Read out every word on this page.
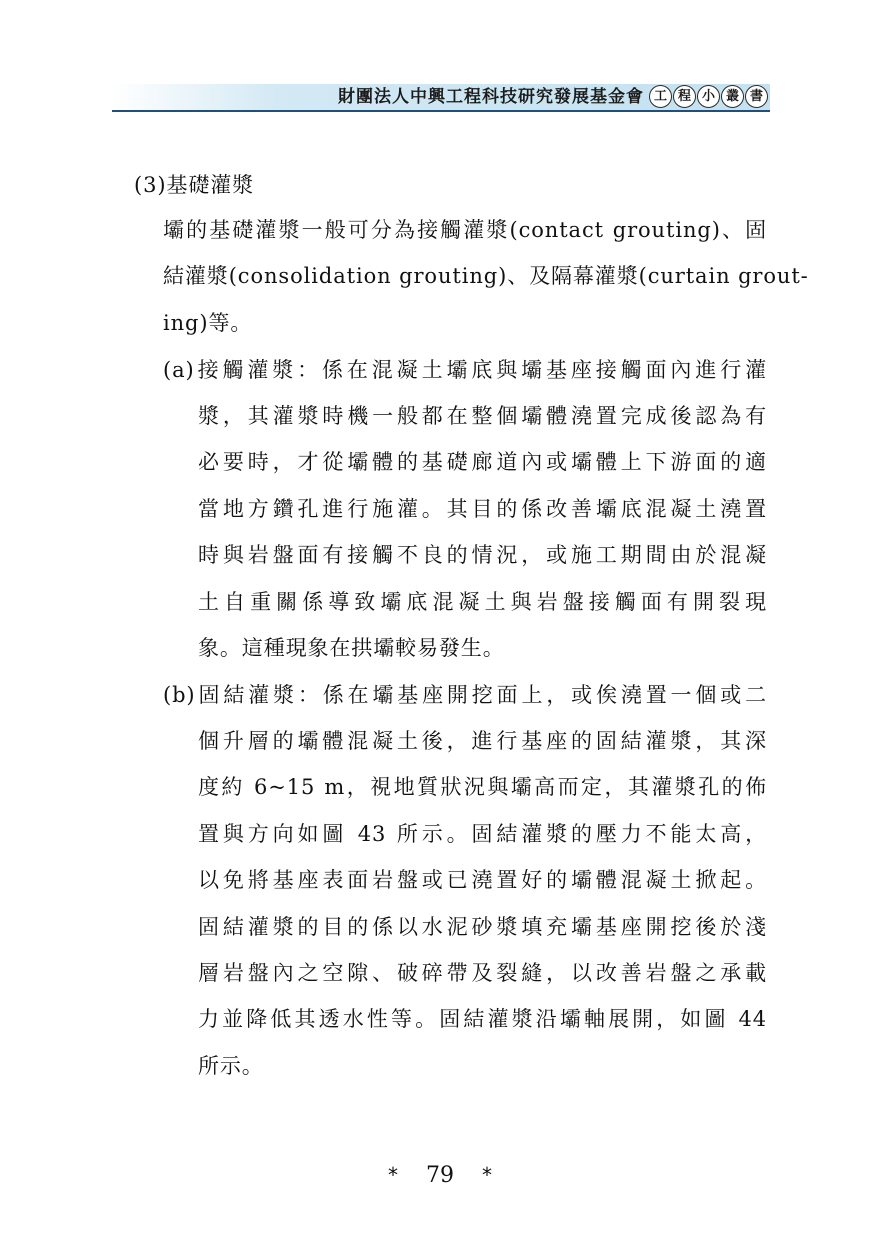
財團法人中興工程科技研究發展基金會 工 程 小 叢 書
(3)基礎灌漿
壩的基礎灌漿一般可分為接觸灌漿(contact grouting)、固
結灌漿(consolidation grouting)、及隔幕灌漿(curtain grout-
ing)等。
(a)接觸灌漿：係在混凝土壩底與壩基座接觸面內進行灌
漿，其灌漿時機一般都在整個壩體澆置完成後認為有
必要時，才從壩體的基礎廊道內或壩體上下游面的適
當地方鑽孔進行施灌。其目的係改善壩底混凝土澆置
時與岩盤面有接觸不良的情況，或施工期間由於混凝
土自重關係導致壩底混凝土與岩盤接觸面有開裂現
象。這種現象在拱壩較易發生。
(b)固結灌漿：係在壩基座開挖面上，或俟澆置一個或二
個升層的壩體混凝土後，進行基座的固結灌漿，其深
度約 6~15 m，視地質狀況與壩高而定，其灌漿孔的佈
置與方向如圖 43 所示。固結灌漿的壓力不能太高，
以免將基座表面岩盤或已澆置好的壩體混凝土掀起。
固結灌漿的目的係以水泥砂漿填充壩基座開挖後於淺
層岩盤內之空隙、破碎帶及裂縫，以改善岩盤之承載
力並降低其透水性等。固結灌漿沿壩軸展開，如圖 44
所示。
* 79 *
